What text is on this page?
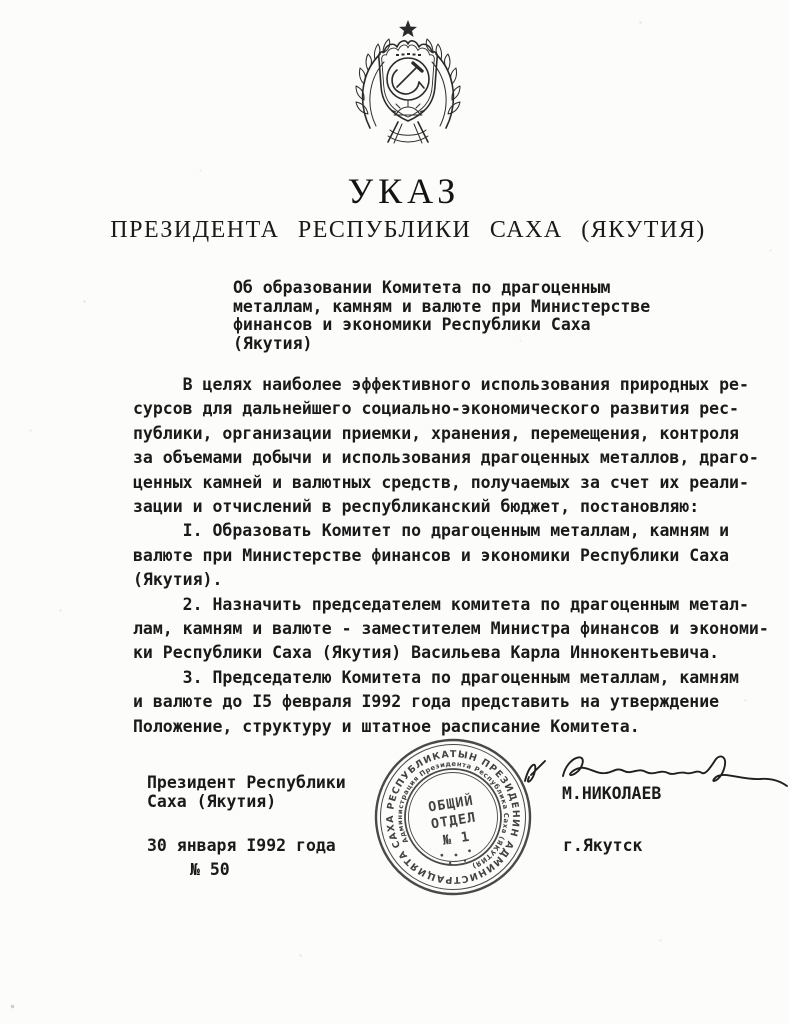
УКАЗ
ПРЕЗИДЕНТА РЕСПУБЛИКИ САХА (ЯКУТИЯ)
Об образовании Комитета по драгоценным
металлам, камням и валюте при Министерстве
финансов и экономики Республики Саха
(Якутия)
В целях наиболее эффективного использования природных ре-
сурсов для дальнейшего социально-экономического развития рес-
публики, организации приемки, хранения, перемещения, контроля
за объемами добычи и использования драгоценных металлов, драго-
ценных камней и валютных средств, получаемых за счет их реали-
зации и отчислений в республиканский бюджет, постановляю:
I. Образовать Комитет по драгоценным металлам, камням и
валюте при Министерстве финансов и экономики Республики Саха
(Якутия).
2. Назначить председателем комитета по драгоценным метал-
лам, камням и валюте - заместителем Министра финансов и экономи-
ки Республики Саха (Якутия) Васильева Карла Иннокентьевича.
3. Председателю Комитета по драгоценным металлам, камням
и валюте до I5 февраля I992 года представить на утверждение
Положение, структуру и штатное расписание Комитета.
Президент Республики
Саха (Якутия)
30 января I992 года
№ 50
САХА РЕСПУБЛИКАТЫН ПРЕЗИДЕНИН АДМИНИСТРАЦИЯТА
Администрация Президента Республика Саха (ЯКУТИЯ)
ОБЩИЙ
ОТДЕЛ
№ 1
М.НИКОЛАЕВ
г.Якутск
